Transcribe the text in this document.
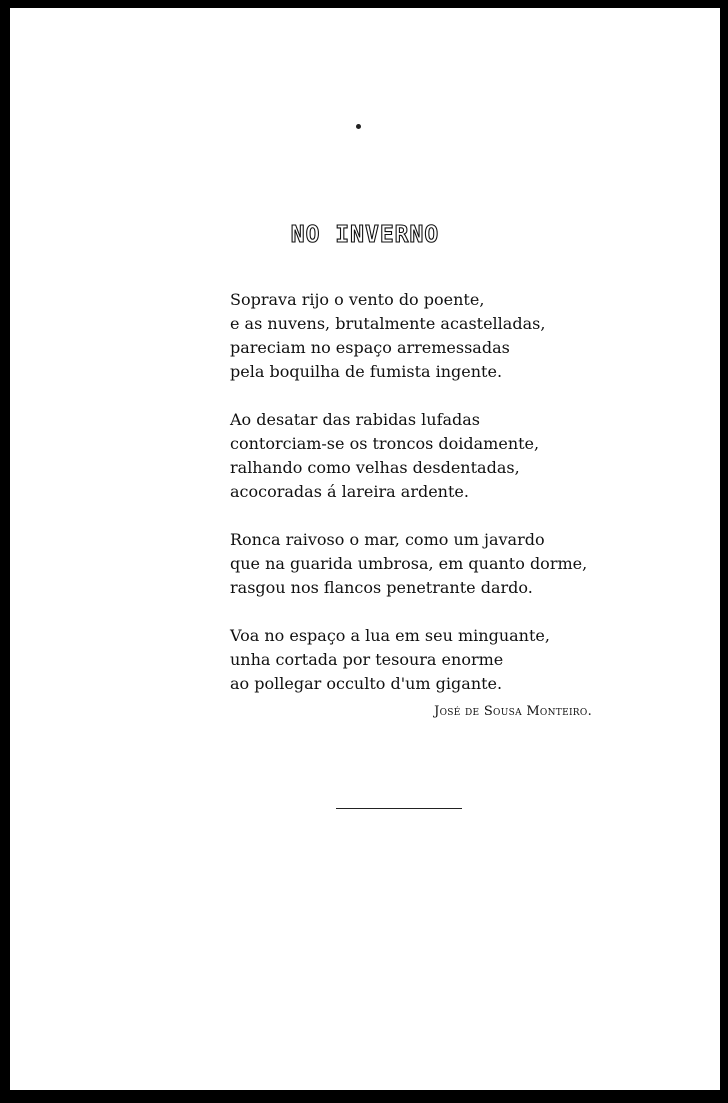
NO INVERNO
Soprava rijo o vento do poente,
e as nuvens, brutalmente acastelladas,
pareciam no espaço arremessadas
pela boquilha de fumista ingente.
Ao desatar das rabidas lufadas
contorciam-se os troncos doidamente,
ralhando como velhas desdentadas,
acocoradas á lareira ardente.
Ronca raivoso o mar, como um javardo
que na guarida umbrosa, em quanto dorme,
rasgou nos flancos penetrante dardo.
Voa no espaço a lua em seu minguante,
unha cortada por tesoura enorme
ao pollegar occulto d'um gigante.
José de Sousa Monteiro.
